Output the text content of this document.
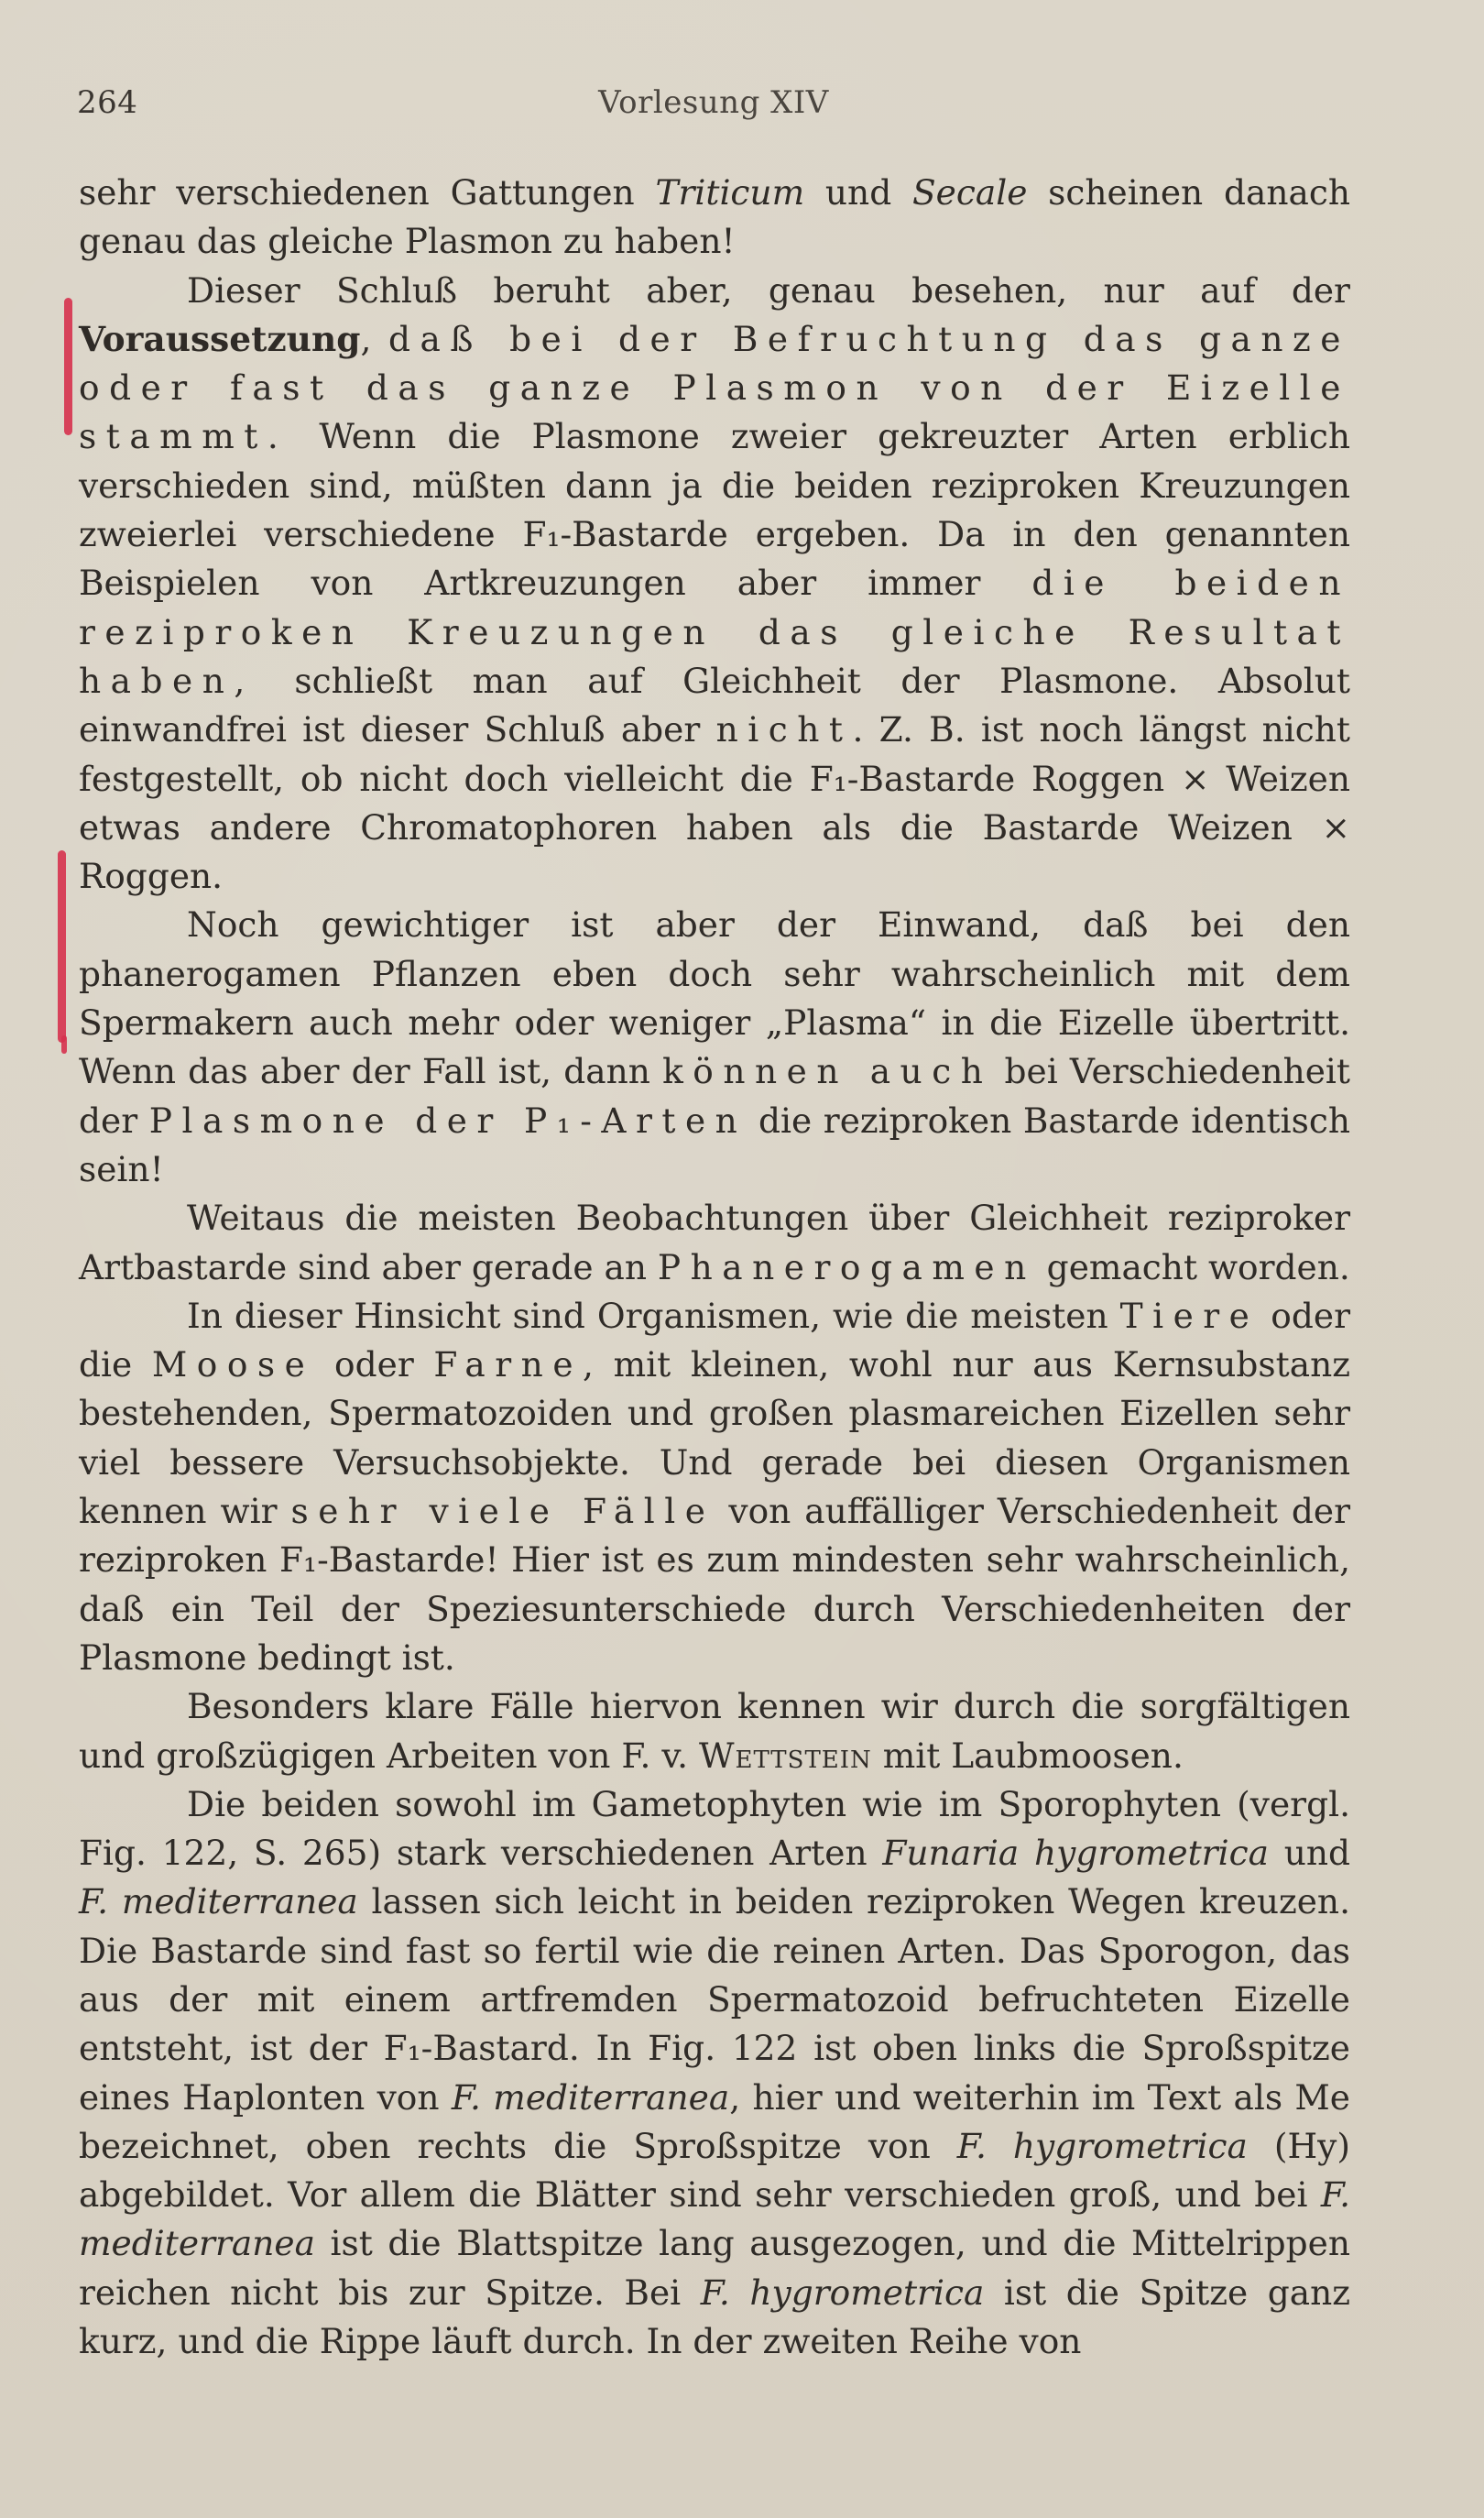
264	Vorlesung XIV

sehr verschiedenen Gattungen Triticum und Secale scheinen danach genau das gleiche Plasmon zu haben!

Dieser Schluß beruht aber, genau besehen, nur auf der Voraussetzung, daß bei der Befruchtung das ganze oder fast das ganze Plasmon von der Eizelle stammt. Wenn die Plasmone zweier gekreuzter Arten erblich verschieden sind, müßten dann ja die beiden reziproken Kreuzungen zweierlei verschiedene F₁-Bastarde ergeben. Da in den genannten Beispielen von Artkreuzungen aber immer die beiden reziproken Kreuzungen das gleiche Resultat haben, schließt man auf Gleichheit der Plasmone. Absolut einwandfrei ist dieser Schluß aber nicht. Z. B. ist noch längst nicht festgestellt, ob nicht doch vielleicht die F₁-Bastarde Roggen × Weizen etwas andere Chromatophoren haben als die Bastarde Weizen × Roggen.

Noch gewichtiger ist aber der Einwand, daß bei den phanerogamen Pflanzen eben doch sehr wahrscheinlich mit dem Spermakern auch mehr oder weniger „Plasma“ in die Eizelle übertritt. Wenn das aber der Fall ist, dann können auch bei Verschiedenheit der Plasmone der P₁-Arten die reziproken Bastarde identisch sein!

Weitaus die meisten Beobachtungen über Gleichheit reziproker Artbastarde sind aber gerade an Phanerogamen gemacht worden.

In dieser Hinsicht sind Organismen, wie die meisten Tiere oder die Moose oder Farne, mit kleinen, wohl nur aus Kernsubstanz bestehenden, Spermatozoiden und großen plasmareichen Eizellen sehr viel bessere Versuchsobjekte. Und gerade bei diesen Organismen kennen wir sehr viele Fälle von auffälliger Verschiedenheit der reziproken F₁-Bastarde! Hier ist es zum mindesten sehr wahrscheinlich, daß ein Teil der Speziesunterschiede durch Verschiedenheiten der Plasmone bedingt ist.

Besonders klare Fälle hiervon kennen wir durch die sorgfältigen und großzügigen Arbeiten von F. v. Wettstein mit Laubmoosen.

Die beiden sowohl im Gametophyten wie im Sporophyten (vergl. Fig. 122, S. 265) stark verschiedenen Arten Funaria hygrometrica und F. mediterranea lassen sich leicht in beiden reziproken Wegen kreuzen. Die Bastarde sind fast so fertil wie die reinen Arten. Das Sporogon, das aus der mit einem artfremden Spermatozoid befruchteten Eizelle entsteht, ist der F₁-Bastard. In Fig. 122 ist oben links die Sproßspitze eines Haplonten von F. mediterranea, hier und weiterhin im Text als Me bezeichnet, oben rechts die Sproßspitze von F. hygrometrica (Hy) abgebildet. Vor allem die Blätter sind sehr verschieden groß, und bei F. mediterranea ist die Blattspitze lang ausgezogen, und die Mittelrippen reichen nicht bis zur Spitze. Bei F. hygrometrica ist die Spitze ganz kurz, und die Rippe läuft durch. In der zweiten Reihe von
